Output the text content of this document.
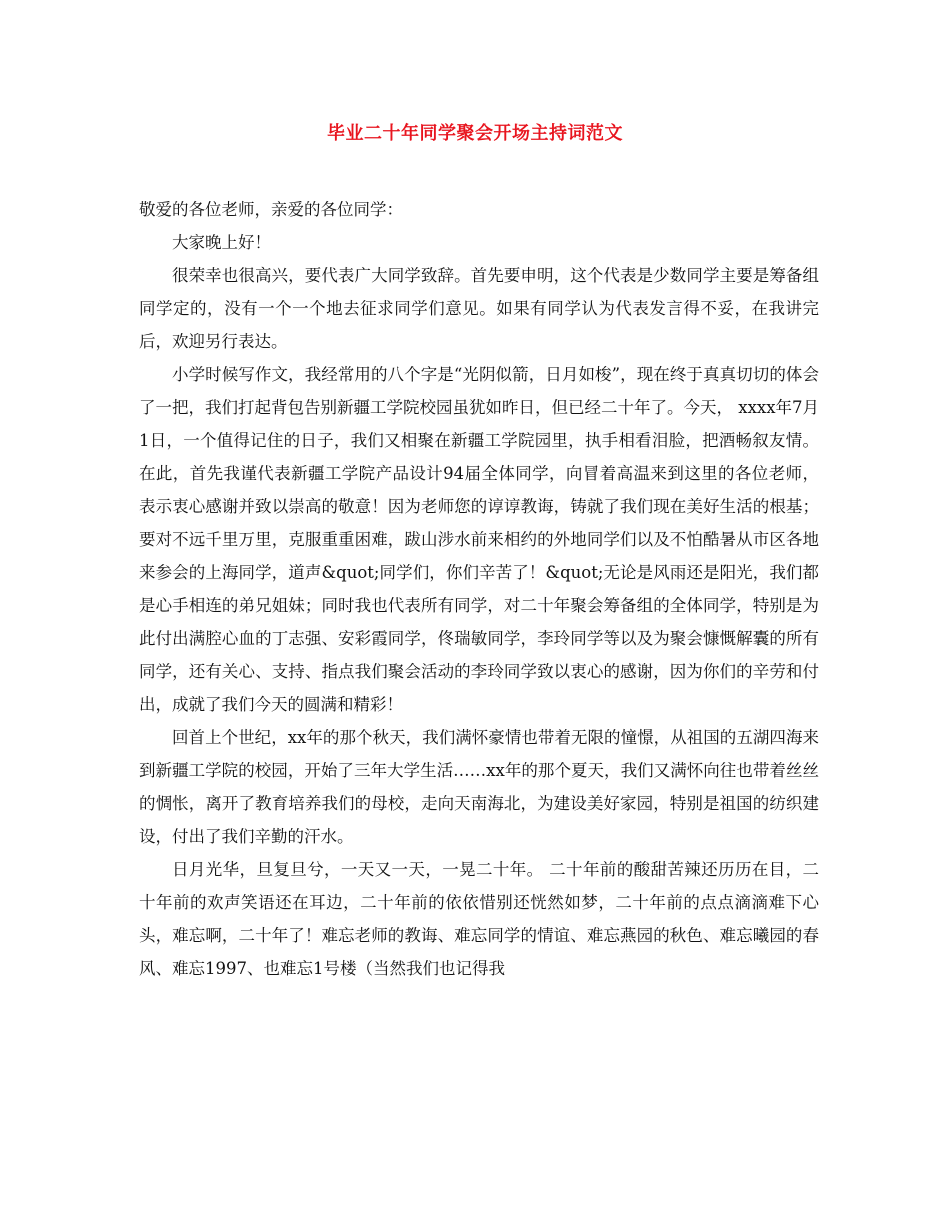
毕业二十年同学聚会开场主持词范文

敬爱的各位老师，亲爱的各位同学：

大家晚上好！

很荣幸也很高兴，要代表广大同学致辞。首先要申明，这个代表是少数同学主要是筹备组同学定的，没有一个一个地去征求同学们意见。如果有同学认为代表发言得不妥，在我讲完后，欢迎另行表达。

小学时候写作文，我经常用的八个字是“光阴似箭，日月如梭”，现在终于真真切切的体会了一把，我们打起背包告别新疆工学院校园虽犹如昨日，但已经二十年了。今天， xxxx年7月1日，一个值得记住的日子，我们又相聚在新疆工学院园里，执手相看泪脸，把酒畅叙友情。在此，首先我谨代表新疆工学院产品设计94届全体同学，向冒着高温来到这里的各位老师，表示衷心感谢并致以崇高的敬意！因为老师您的谆谆教诲，铸就了我们现在美好生活的根基；要对不远千里万里，克服重重困难，跋山涉水前来相约的外地同学们以及不怕酷暑从市区各地来参会的上海同学，道声&quot;同学们，你们辛苦了！&quot;无论是风雨还是阳光，我们都是心手相连的弟兄姐妹；同时我也代表所有同学，对二十年聚会筹备组的全体同学，特别是为此付出满腔心血的丁志强、安彩霞同学，佟瑞敏同学，李玲同学等以及为聚会慷慨解囊的所有同学，还有关心、支持、指点我们聚会活动的李玲同学致以衷心的感谢，因为你们的辛劳和付出，成就了我们今天的圆满和精彩！

回首上个世纪，xx年的那个秋天，我们满怀豪情也带着无限的憧憬，从祖国的五湖四海来到新疆工学院的校园，开始了三年大学生活……xx年的那个夏天，我们又满怀向往也带着丝丝的惆怅，离开了教育培养我们的母校，走向天南海北，为建设美好家园，特别是祖国的纺织建设，付出了我们辛勤的汗水。

日月光华，旦复旦兮，一天又一天，一晃二十年。 二十年前的酸甜苦辣还历历在目，二十年前的欢声笑语还在耳边，二十年前的依依惜别还恍然如梦，二十年前的点点滴滴难下心头，难忘啊，二十年了！难忘老师的教诲、难忘同学的情谊、难忘燕园的秋色、难忘曦园的春风、难忘1997、也难忘1号楼（当然我们也记得我
